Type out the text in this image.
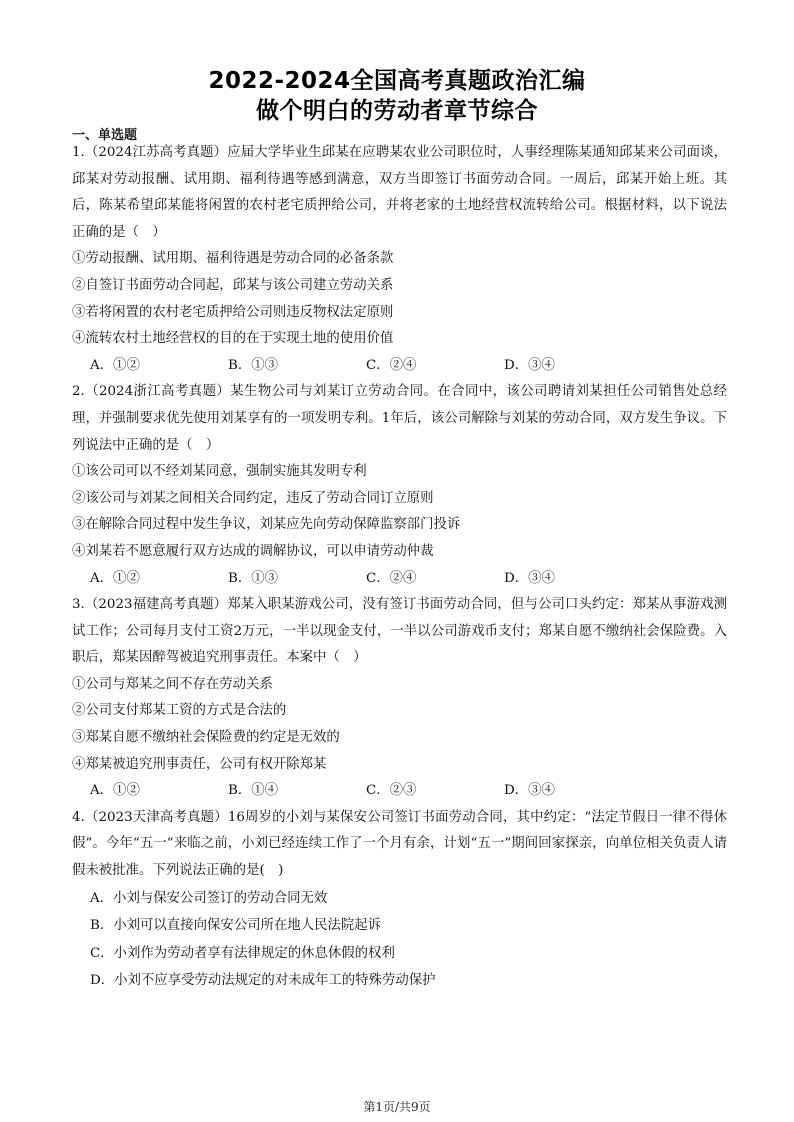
2022-2024全国高考真题政治汇编
做个明白的劳动者章节综合
一、单选题

1.（2024江苏高考真题）应届大学毕业生邱某在应聘某农业公司职位时，人事经理陈某通知邱某来公司面谈，邱某对劳动报酬、试用期、福利待遇等感到满意，双方当即签订书面劳动合同。一周后，邱某开始上班。其后，陈某希望邱某能将闲置的农村老宅质押给公司，并将老家的土地经营权流转给公司。根据材料，以下说法正确的是（　）

①劳动报酬、试用期、福利待遇是劳动合同的必备条款

②自签订书面劳动合同起，邱某与该公司建立劳动关系

③若将闲置的农村老宅质押给公司则违反物权法定原则

④流转农村土地经营权的目的在于实现土地的使用价值

A．①②	B．①③	C．②④	D．③④

2.（2024浙江高考真题）某生物公司与刘某订立劳动合同。在合同中，该公司聘请刘某担任公司销售处总经理，并强制要求优先使用刘某享有的一项发明专利。1年后，该公司解除与刘某的劳动合同，双方发生争议。下列说法中正确的是（　）

①该公司可以不经刘某同意，强制实施其发明专利

②该公司与刘某之间相关合同约定，违反了劳动合同订立原则

③在解除合同过程中发生争议，刘某应先向劳动保障监察部门投诉

④刘某若不愿意履行双方达成的调解协议，可以申请劳动仲裁

A．①②	B．①③	C．②④	D．③④

3.（2023福建高考真题）郑某入职某游戏公司，没有签订书面劳动合同，但与公司口头约定：郑某从事游戏测试工作；公司每月支付工资2万元，一半以现金支付，一半以公司游戏币支付；郑某自愿不缴纳社会保险费。入职后，郑某因醉驾被追究刑事责任。本案中（　）

①公司与郑某之间不存在劳动关系

②公司支付郑某工资的方式是合法的

③郑某自愿不缴纳社会保险费的约定是无效的

④郑某被追究刑事责任，公司有权开除郑某

A．①②	B．①④	C．②③	D．③④

4.（2023天津高考真题）16周岁的小刘与某保安公司签订书面劳动合同，其中约定：“法定节假日一律不得休假”。今年“五一”来临之前，小刘已经连续工作了一个月有余，计划“五一”期间回家探亲，向单位相关负责人请假未被批准。下列说法正确的是(　)

A．小刘与保安公司签订的劳动合同无效

B．小刘可以直接向保安公司所在地人民法院起诉

C．小刘作为劳动者享有法律规定的休息休假的权利

D．小刘不应享受劳动法规定的对未成年工的特殊劳动保护

第1页/共9页
